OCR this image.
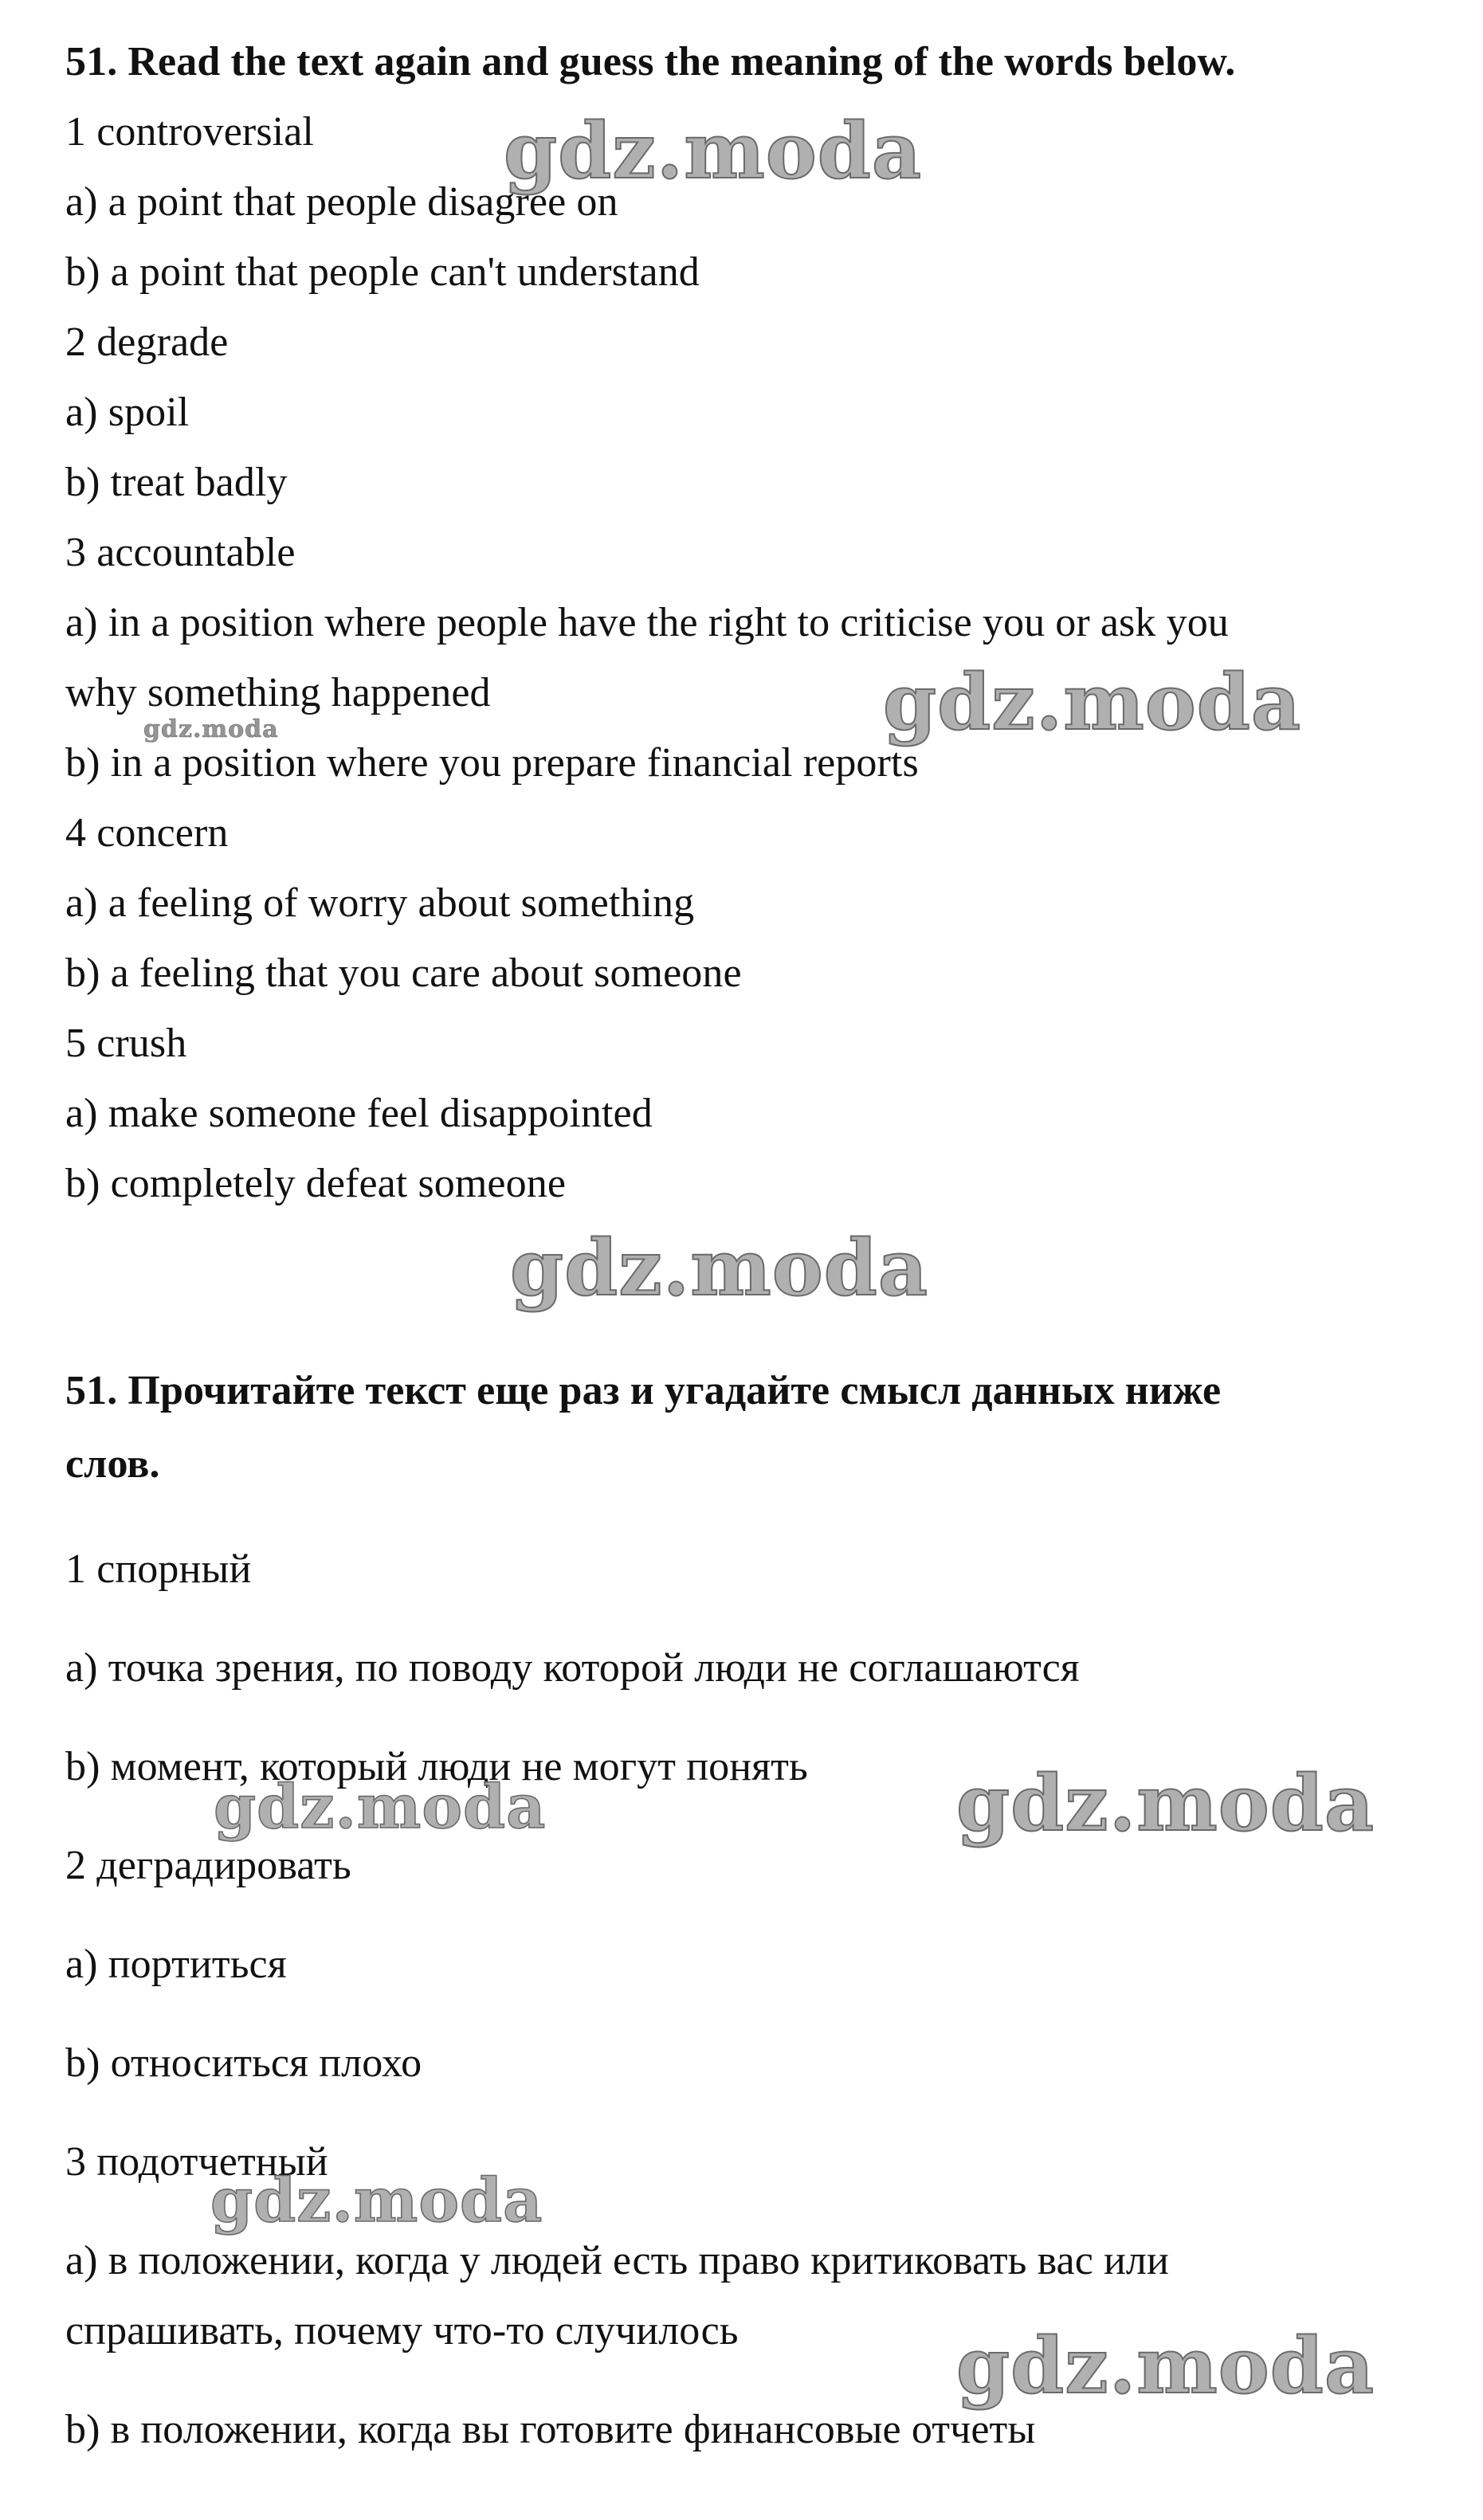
51. Read the text again and guess the meaning of the words below.
1 controversial
a) a point that people disagree on
b) a point that people can't understand
2 degrade
a) spoil
b) treat badly
3 accountable
a) in a position where people have the right to criticise you or ask you
why something happened
b) in a position where you prepare financial reports
4 concern
a) a feeling of worry about something
b) a feeling that you care about someone
5 crush
a) make someone feel disappointed
b) completely defeat someone
51. Прочитайте текст еще раз и угадайте смысл данных ниже
слов.
1 спорный
a) точка зрения, по поводу которой люди не соглашаются
b) момент, который люди не могут понять
2 деградировать
a) портиться
b) относиться плохо
3 подотчетный
a) в положении, когда у людей есть право критиковать вас или
спрашивать, почему что-то случилось
b) в положении, когда вы готовите финансовые отчеты
gdz.moda
gdz.moda
gdz.moda
gdz.moda
gdz.moda
gdz.moda
gdz.moda
gdz.moda
